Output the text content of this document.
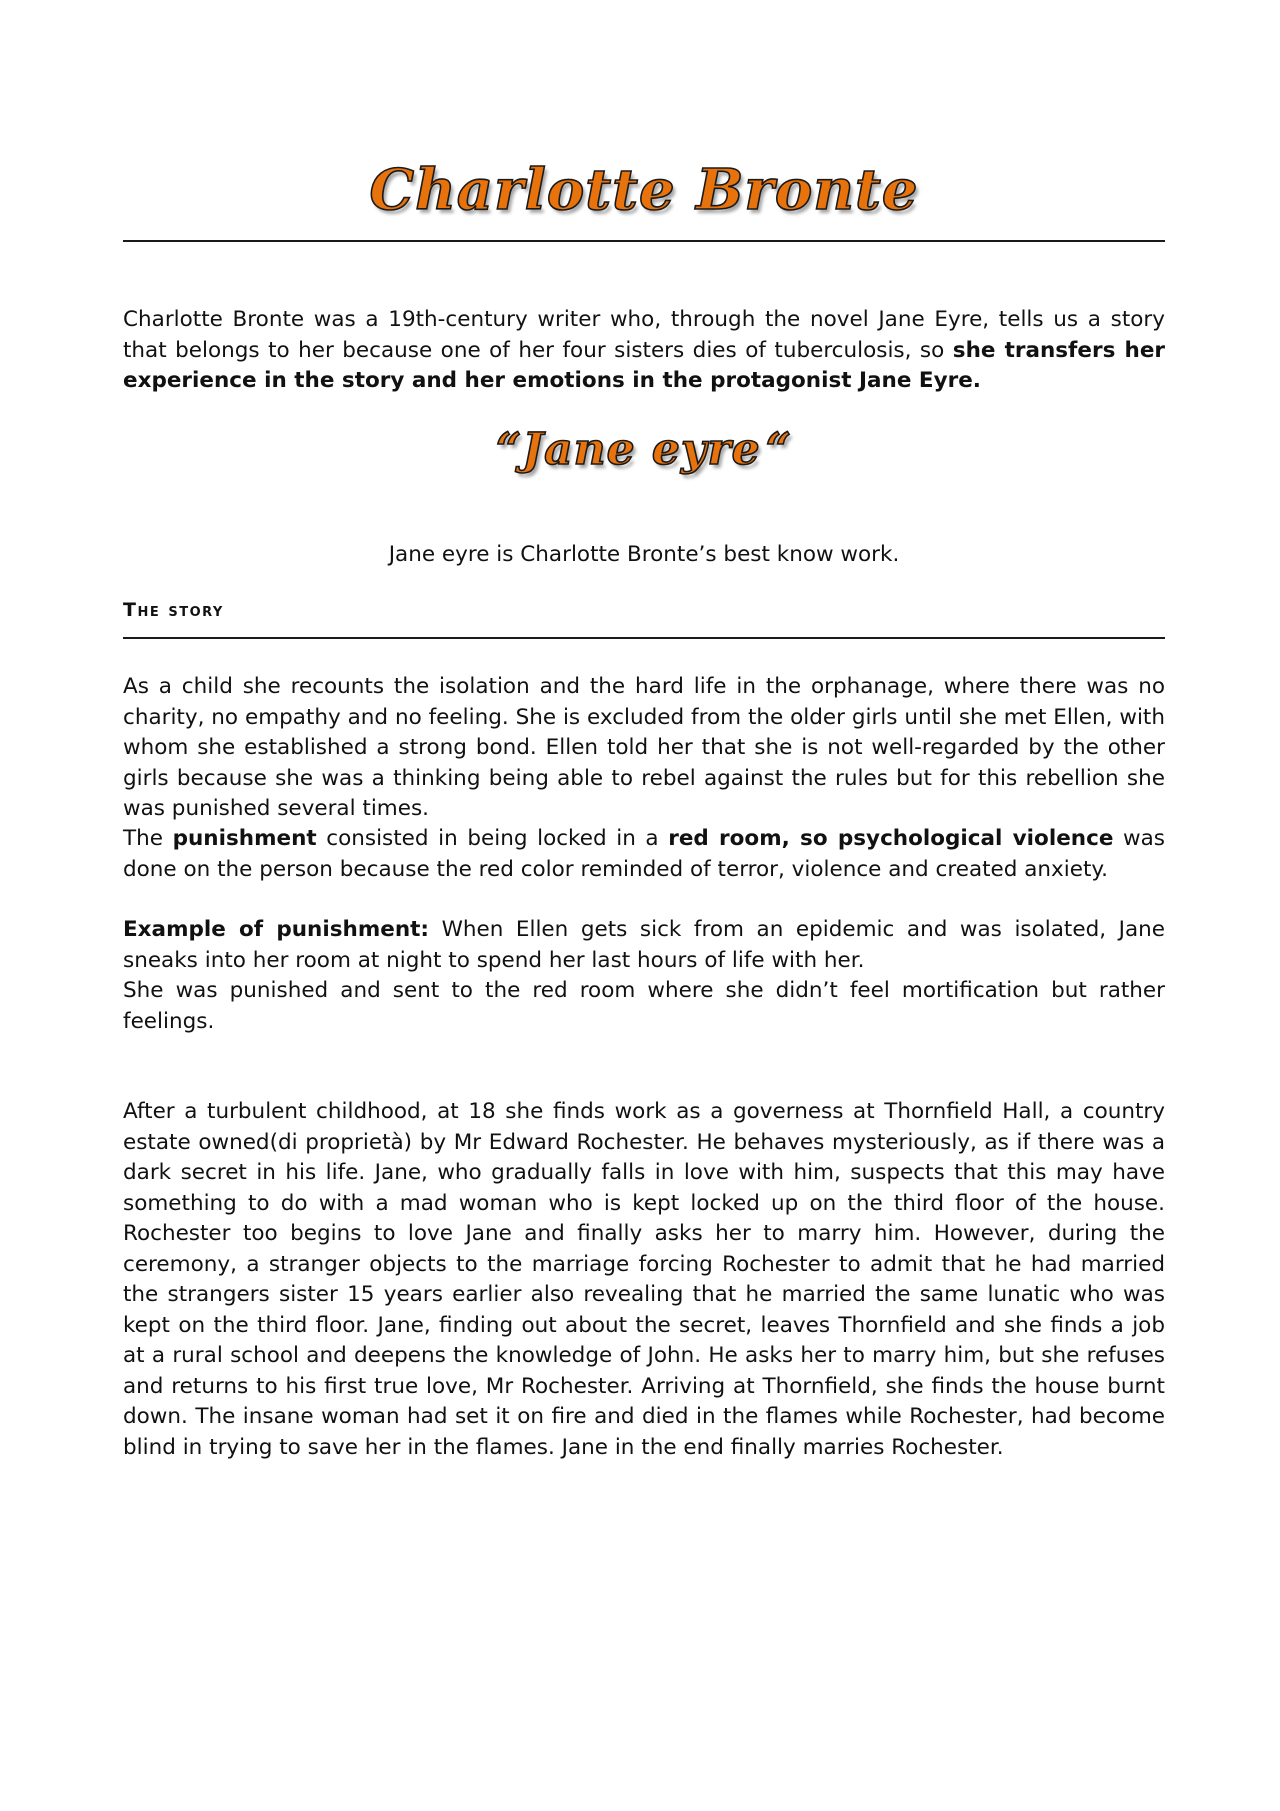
Charlotte Bronte

Charlotte Bronte was a 19th-century writer who, through the novel Jane Eyre, tells us a story that belongs to her because one of her four sisters dies of tuberculosis, so she transfers her experience in the story and her emotions in the protagonist Jane Eyre.

“Jane eyre “
Jane eyre is Charlotte Bronte’s best know work.
The story

As a child she recounts the isolation and the hard life in the orphanage, where there was no charity, no empathy and no feeling. She is excluded from the older girls until she met Ellen, with whom she established a strong bond. Ellen told her that she is not well-regarded by the other girls because she was a thinking being able to rebel against the rules but for this rebellion she was punished several times.

The punishment consisted in being locked in a red room, so psychological violence was done on the person because the red color reminded of terror, violence and created anxiety.

Example of punishment: When Ellen gets sick from an epidemic and was isolated, Jane sneaks into her room at night to spend her last hours of life with her.

She was punished and sent to the red room where she didn’t feel mortification but rather feelings.

After a turbulent childhood, at 18 she finds work as a governess at Thornfield Hall, a country estate owned(di proprietà) by Mr Edward Rochester. He behaves mysteriously, as if there was a dark secret in his life. Jane, who gradually falls in love with him, suspects that this may have something to do with a mad woman who is kept locked up on the third floor of the house. Rochester too begins to love Jane and finally asks her to marry him. However, during the ceremony, a stranger objects to the marriage forcing Rochester to admit that he had married the strangers sister 15 years earlier also revealing that he married the same lunatic who was kept on the third floor. Jane, finding out about the secret, leaves Thornfield and she finds a job at a rural school and deepens the knowledge of John. He asks her to marry him, but she refuses and returns to his first true love, Mr Rochester. Arriving at Thornfield, she finds the house burnt down. The insane woman had set it on fire and died in the flames while Rochester, had become blind in trying to save her in the flames. Jane in the end finally marries Rochester.
